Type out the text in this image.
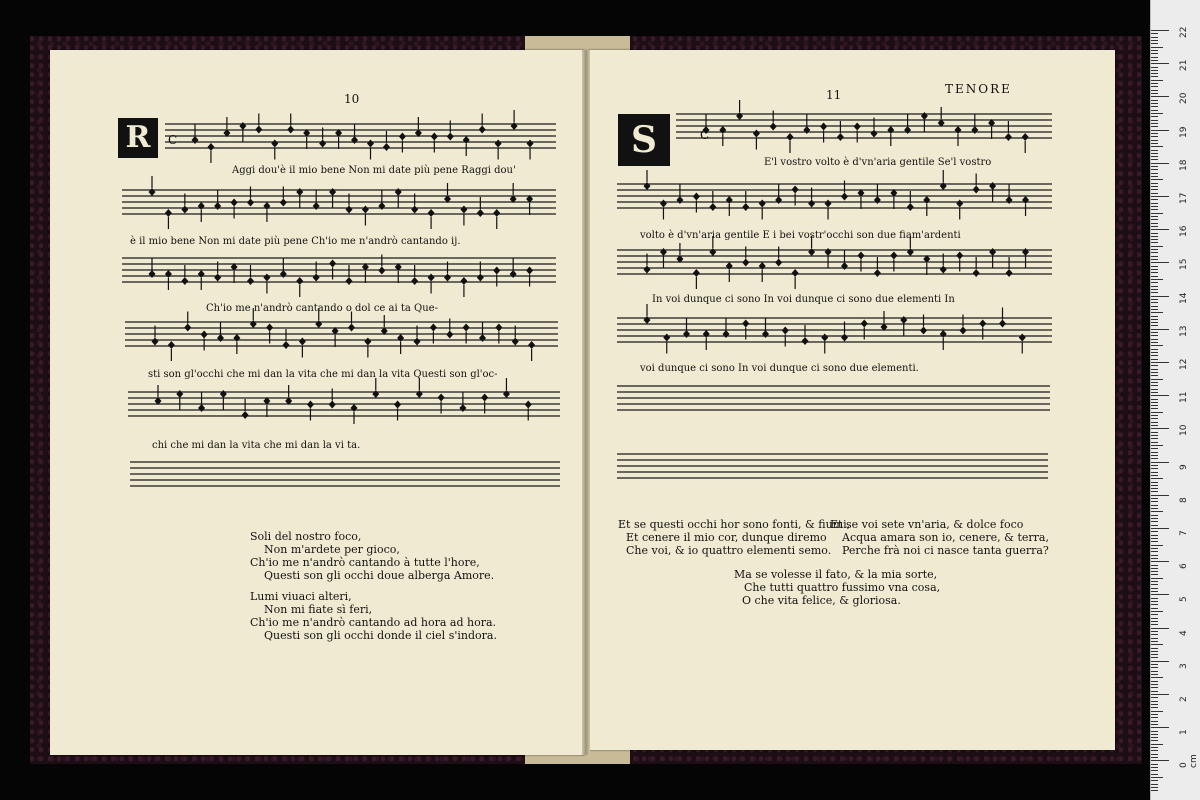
10
R	C
Aggi dou'è il mio bene Non mi date più pene Raggi dou'
è il mio bene Non mi date più pene Ch'io me n'andrò cantando ij.
Ch'io me n'andrò cantando o dol ce ai ta Que-
sti son gl'occhi che mi dan la vita che mi dan la vita Questi son gl'oc-
chi che mi dan la vita che mi dan la vi ta.
Soli del nostro foco,
Non m'ardete per gioco,
Ch'io me n'andrò cantando à tutte l'hore,
Questi son gli occhi doue alberga Amore.
Lumi viuaci alteri,
Non mi fiate sì feri,
Ch'io me n'andrò cantando ad hora ad hora.
Questi son gli occhi donde il ciel s'indora.
11	TENORE
S	C
E'l vostro volto è d'vn'aria gentile Se'l vostro
volto è d'vn'aria gentile E i bei vostr'occhi son due fiam'ardenti
In voi dunque ci sono In voi dunque ci sono due elementi In
voi dunque ci sono In voi dunque ci sono due elementi.
Et se questi occhi hor sono fonti, & fiumi,
Et cenere il mio cor, dunque diremo
Che voi, & io quattro elementi semo.
Et se voi sete vn'aria, & dolce foco
Acqua amara son io, cenere, & terra,
Perche frà noi ci nasce tanta guerra?
Ma se volesse il fato, & la mia sorte,
Che tutti quattro fussimo vna cosa,
O che vita felice, & gloriosa.
22
21
20
19
18
17
16
15
14
13
12
11
10
9
8
7
6
5
4
3
2
1
0 cm
